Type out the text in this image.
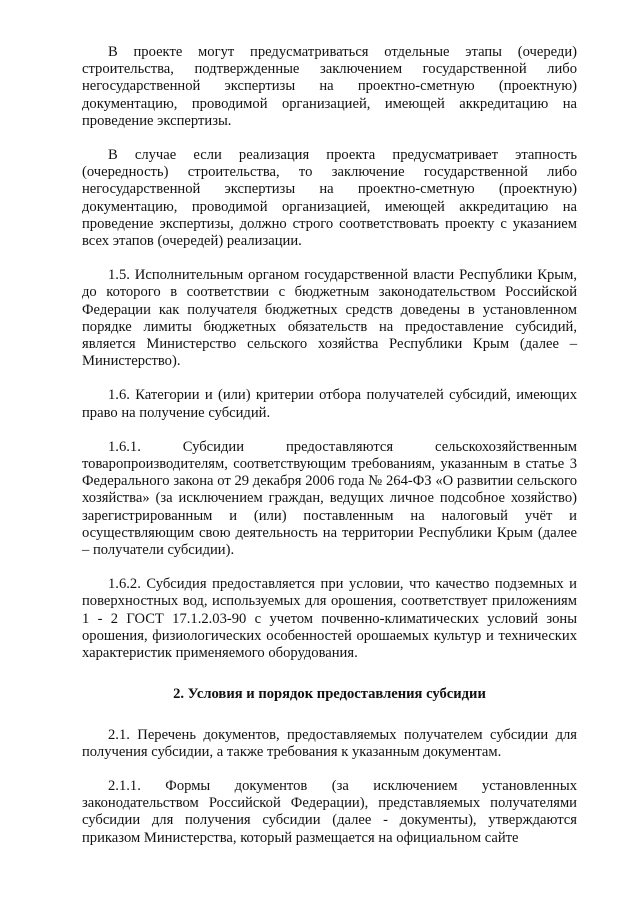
В проекте могут предусматриваться отдельные этапы (очереди) строительства, подтвержденные заключением государственной либо негосударственной экспертизы на проектно-сметную (проектную) документацию, проводимой организацией, имеющей аккредитацию на проведение экспертизы.

В случае если реализация проекта предусматривает этапность (очередность) строительства, то заключение государственной либо негосударственной экспертизы на проектно-сметную (проектную) документацию, проводимой организацией, имеющей аккредитацию на проведение экспертизы, должно строго соответствовать проекту с указанием всех этапов (очередей) реализации.

1.5. Исполнительным органом государственной власти Республики Крым, до которого в соответствии с бюджетным законодательством Российской Федерации как получателя бюджетных средств доведены в установленном порядке лимиты бюджетных обязательств на предоставление субсидий, является Министерство сельского хозяйства Республики Крым (далее – Министерство).

1.6. Категории и (или) критерии отбора получателей субсидий, имеющих право на получение субсидий.

1.6.1. Субсидии предоставляются сельскохозяйственным товаропроизводителям, соответствующим требованиям, указанным в статье 3 Федерального закона от 29 декабря 2006 года № 264-ФЗ «О развитии сельского хозяйства» (за исключением граждан, ведущих личное подсобное хозяйство) зарегистрированным и (или) поставленным на налоговый учёт и осуществляющим свою деятельность на территории Республики Крым (далее – получатели субсидии).

1.6.2. Субсидия предоставляется при условии, что качество подземных и поверхностных вод, используемых для орошения, соответствует приложениям 1 - 2 ГОСТ 17.1.2.03-90 с учетом почвенно-климатических условий зоны орошения, физиологических особенностей орошаемых культур и технических характеристик применяемого оборудования.

2. Условия и порядок предоставления субсидии

2.1. Перечень документов, предоставляемых получателем субсидии для получения субсидии, а также требования к указанным документам.

2.1.1. Формы документов (за исключением установленных законодательством Российской Федерации), представляемых получателями субсидии для получения субсидии (далее - документы), утверждаются приказом Министерства, который размещается на официальном сайте
